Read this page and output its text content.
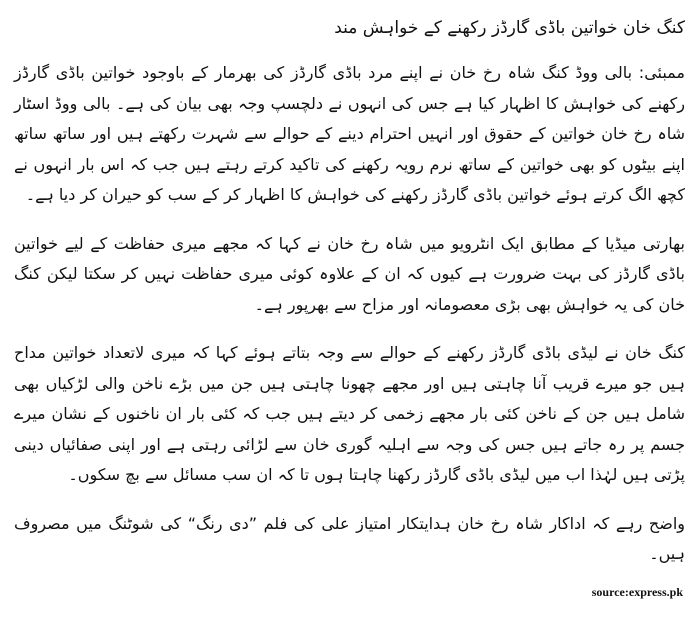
کنگ خان خواتین باڈی گارڈز رکھنے کے خواہش مند

ممبئی: بالی ووڈ کنگ شاہ رخ خان نے اپنے مرد باڈی گارڈز کی بھرمار کے باوجود خواتین باڈی گارڈز رکھنے کی خواہش کا اظہار کیا ہے جس کی انہوں نے دلچسپ وجہ بھی بیان کی ہے۔ بالی ووڈ اسٹار شاہ رخ خان خواتین کے حقوق اور انہیں احترام دینے کے حوالے سے شہرت رکھتے ہیں اور ساتھ ساتھ اپنے بیٹوں کو بھی خواتین کے ساتھ نرم رویہ رکھنے کی تاکید کرتے رہتے ہیں جب کہ اس بار انہوں نے کچھ الگ کرتے ہوئے خواتین باڈی گارڈز رکھنے کی خواہش کا اظہار کر کے سب کو حیران کر دیا ہے۔

بھارتی میڈیا کے مطابق ایک انٹرویو میں شاہ رخ خان نے کہا کہ مجھے میری حفاظت کے لیے خواتین باڈی گارڈز کی بہت ضرورت ہے کیوں کہ ان کے علاوہ کوئی میری حفاظت نہیں کر سکتا لیکن کنگ خان کی یہ خواہش بھی بڑی معصومانہ اور مزاح سے بھرپور ہے۔

کنگ خان نے لیڈی باڈی گارڈز رکھنے کے حوالے سے وجہ بتاتے ہوئے کہا کہ میری لاتعداد خواتین مداح ہیں جو میرے قریب آنا چاہتی ہیں اور مجھے چھونا چاہتی ہیں جن میں بڑے ناخن والی لڑکیاں بھی شامل ہیں جن کے ناخن کئی بار مجھے زخمی کر دیتے ہیں جب کہ کئی بار ان ناخنوں کے نشان میرے جسم پر رہ جاتے ہیں جس کی وجہ سے اہلیہ گوری خان سے لڑائی رہتی ہے اور اپنی صفائیاں دینی پڑتی ہیں لہٰذا اب میں لیڈی باڈی گارڈز رکھنا چاہتا ہوں تا کہ ان سب مسائل سے بچ سکوں۔

واضح رہے کہ اداکار شاہ رخ خان ہدایتکار امتیاز علی کی فلم ”دی رنگ“ کی شوٹنگ میں مصروف ہیں۔

source:express.pk
